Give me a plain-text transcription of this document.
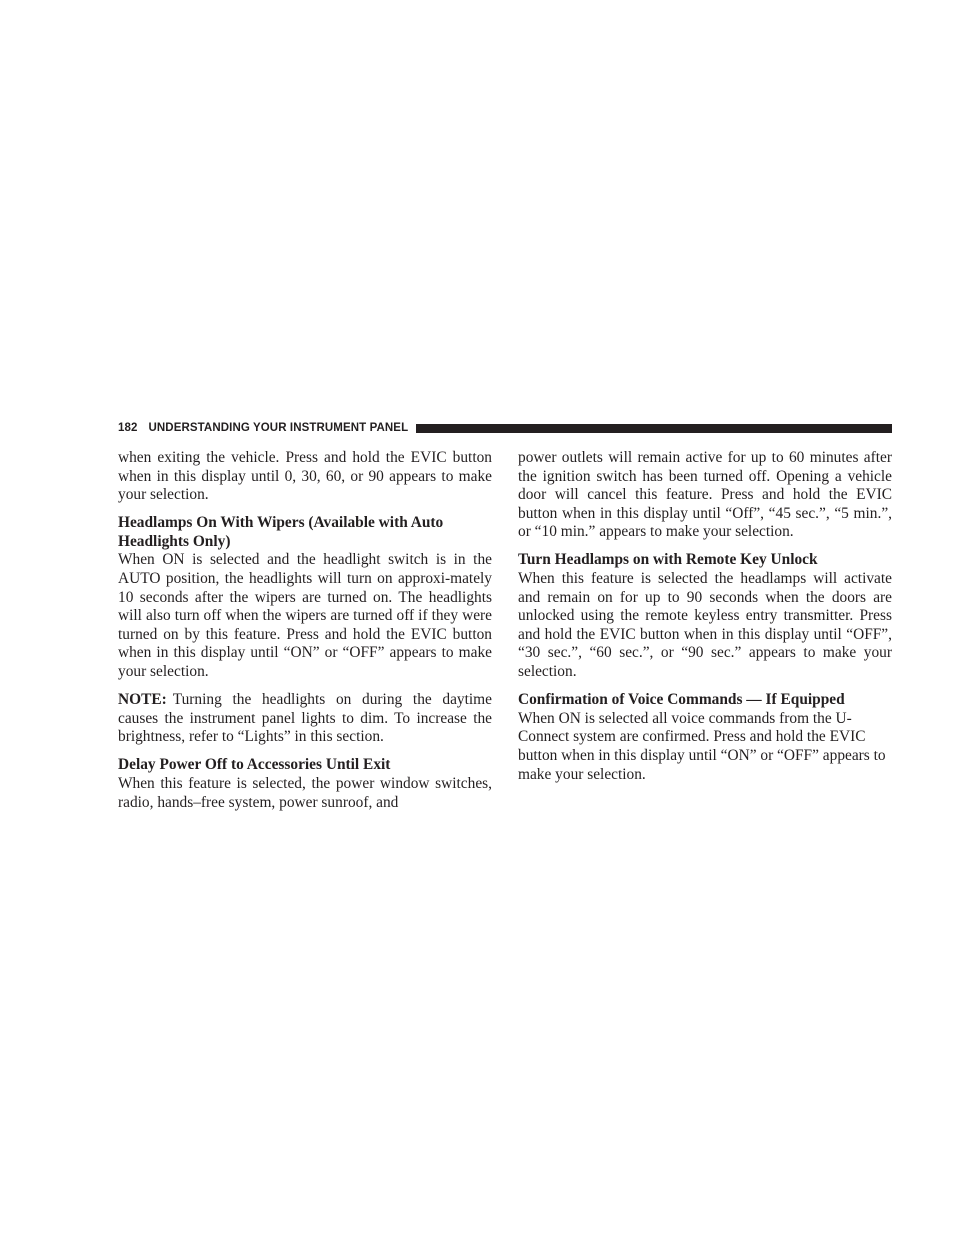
182 UNDERSTANDING YOUR INSTRUMENT PANEL

when exiting the vehicle. Press and hold the EVIC button when in this display until 0, 30, 60, or 90 appears to make your selection.

Headlamps On With Wipers (Available with Auto Headlights Only)

When ON is selected and the headlight switch is in the AUTO position, the headlights will turn on approxi-mately 10 seconds after the wipers are turned on. The headlights will also turn off when the wipers are turned off if they were turned on by this feature. Press and hold the EVIC button when in this display until “ON” or “OFF” appears to make your selection.

NOTE: Turning the headlights on during the daytime causes the instrument panel lights to dim. To increase the brightness, refer to “Lights” in this section.

Delay Power Off to Accessories Until Exit

When this feature is selected, the power window switches, radio, hands–free system, power sunroof, and

power outlets will remain active for up to 60 minutes after the ignition switch has been turned off. Opening a vehicle door will cancel this feature. Press and hold the EVIC button when in this display until “Off”, “45 sec.”, “5 min.”, or “10 min.” appears to make your selection.

Turn Headlamps on with Remote Key Unlock

When this feature is selected the headlamps will activate and remain on for up to 90 seconds when the doors are unlocked using the remote keyless entry transmitter. Press and hold the EVIC button when in this display until “OFF”, “30 sec.”, “60 sec.”, or “90 sec.” appears to make your selection.

Confirmation of Voice Commands — If Equipped

When ON is selected all voice commands from the U-Connect system are confirmed. Press and hold the EVIC button when in this display until “ON” or “OFF” appears to make your selection.
